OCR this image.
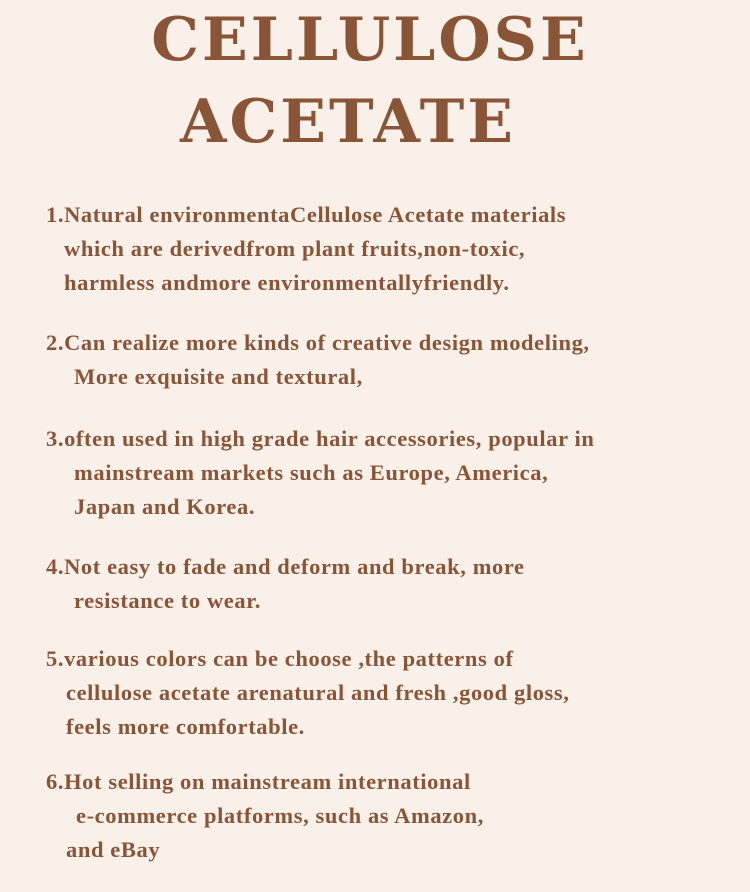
CELLULOSE
ACETATE
1.Natural environmentaCellulose Acetate materials
which are derivedfrom plant fruits,non-toxic,
harmless andmore environmentallyfriendly.
2.Can realize more kinds of creative design modeling,
More exquisite and textural,
3.often used in high grade hair accessories, popular in
mainstream markets such as Europe, America,
Japan and Korea.
4.Not easy to fade and deform and break, more
resistance to wear.
5.various colors can be choose ,the patterns of
cellulose acetate arenatural and fresh ,good gloss,
feels more comfortable.
6.Hot selling on mainstream international
e-commerce platforms, such as Amazon,
and eBay
